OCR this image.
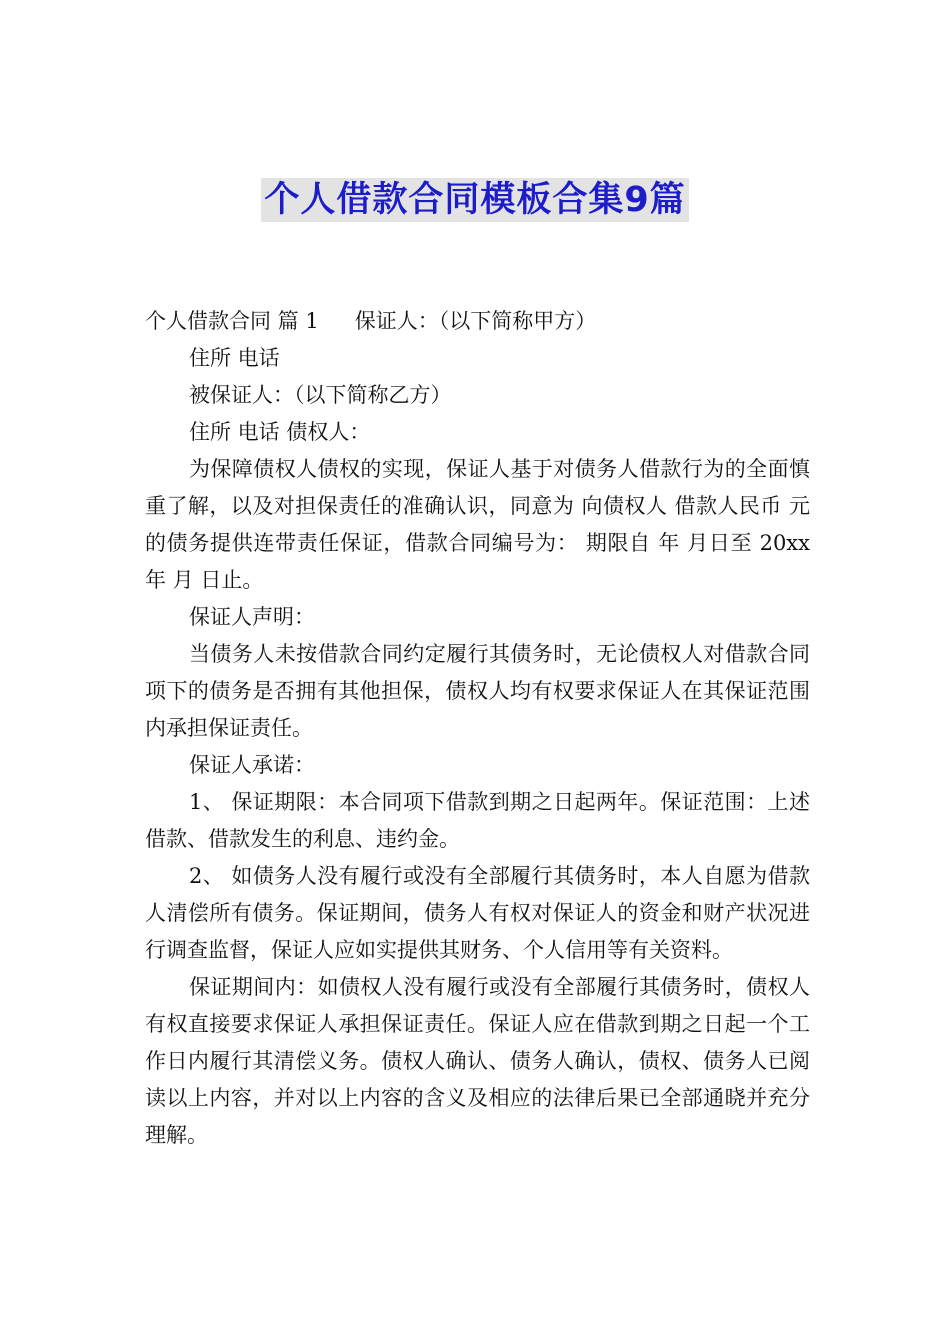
个人借款合同模板合集9篇

个人借款合同 篇 1 保证人：（以下简称甲方）

住所 电话

被保证人：（以下简称乙方）

住所 电话 债权人：

为保障债权人债权的实现，保证人基于对债务人借款行为的全面慎重了解，以及对担保责任的准确认识，同意为 向债权人 借款人民币 元的债务提供连带责任保证，借款合同编号为： 期限自 年 月日至 20xx 年 月 日止。

保证人声明：

当债务人未按借款合同约定履行其债务时，无论债权人对借款合同项下的债务是否拥有其他担保，债权人均有权要求保证人在其保证范围内承担保证责任。

保证人承诺：

1、 保证期限：本合同项下借款到期之日起两年。保证范围：上述借款、借款发生的利息、违约金。

2、 如债务人没有履行或没有全部履行其债务时，本人自愿为借款人清偿所有债务。保证期间，债务人有权对保证人的资金和财产状况进行调查监督，保证人应如实提供其财务、个人信用等有关资料。

保证期间内：如债权人没有履行或没有全部履行其债务时，债权人有权直接要求保证人承担保证责任。保证人应在借款到期之日起一个工作日内履行其清偿义务。债权人确认、债务人确认，债权、债务人已阅读以上内容，并对以上内容的含义及相应的法律后果已全部通晓并充分理解。
